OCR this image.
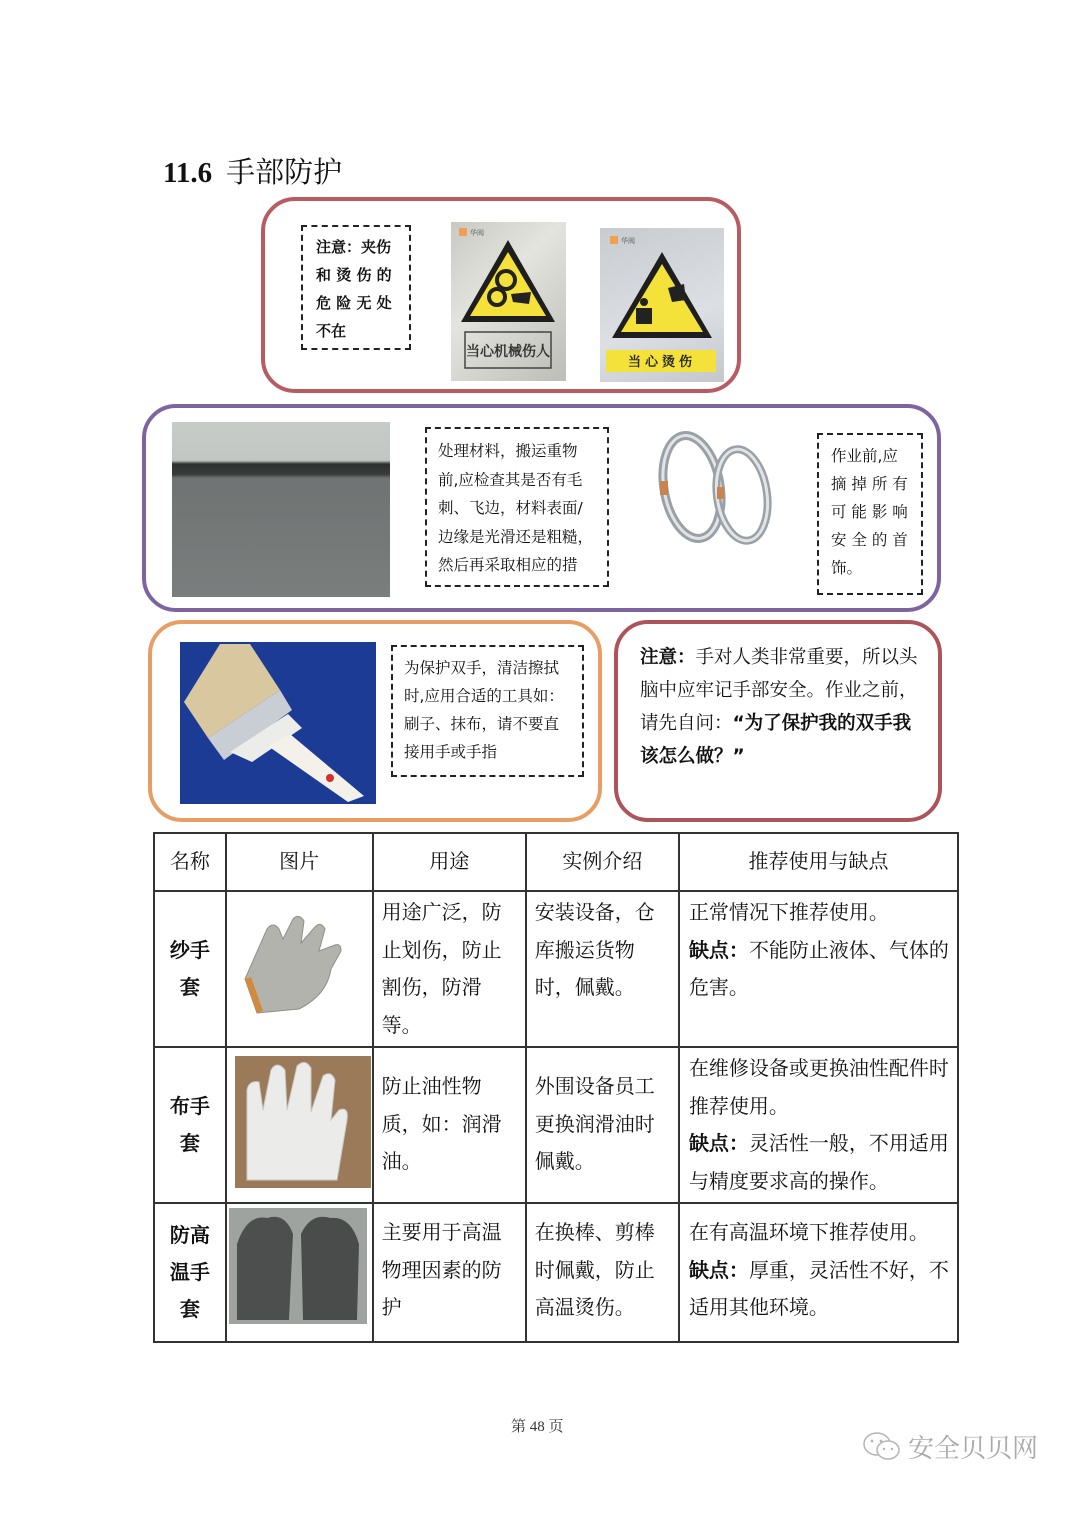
11.6 手部防护
注意：夹伤
和 烫 伤 的
危 险 无 处
不在
华阀
当心机械伤人
华阀
当心烫伤
处理材料，搬运重物
前,应检查其是否有毛
刺、飞边，材料表面/
边缘是光滑还是粗糙，
然后再采取相应的措
作业前,应
摘 掉 所 有
可 能 影 响
安 全 的 首
饰。
为保护双手，清洁擦拭
时,应用合适的工具如：
刷子、抹布，请不要直
接用手或手指
注意：手对人类非常重要，所以头脑中应牢记手部安全。作业之前，请先自问：“为了保护我的双手我该怎么做？”
名称	图片	用途	实例介绍	推荐使用与缺点
纱手套		用途广泛，防止划伤，防止割伤，防滑等。	安装设备，仓库搬运货物时，佩戴。	正常情况下推荐使用。
缺点：不能防止液体、气体的危害。

布手套		防止油性物质，如：润滑油。	外围设备员工更换润滑油时佩戴。	在维修设备或更换油性配件时推荐使用。
缺点：灵活性一般，不用适用与精度要求高的操作。

防高温手套		主要用于高温物理因素的防护	在换棒、剪棒时佩戴，防止高温烫伤。	在有高温环境下推荐使用。
缺点：厚重，灵活性不好，不适用其他环境。
第 48 页
安全贝贝网
